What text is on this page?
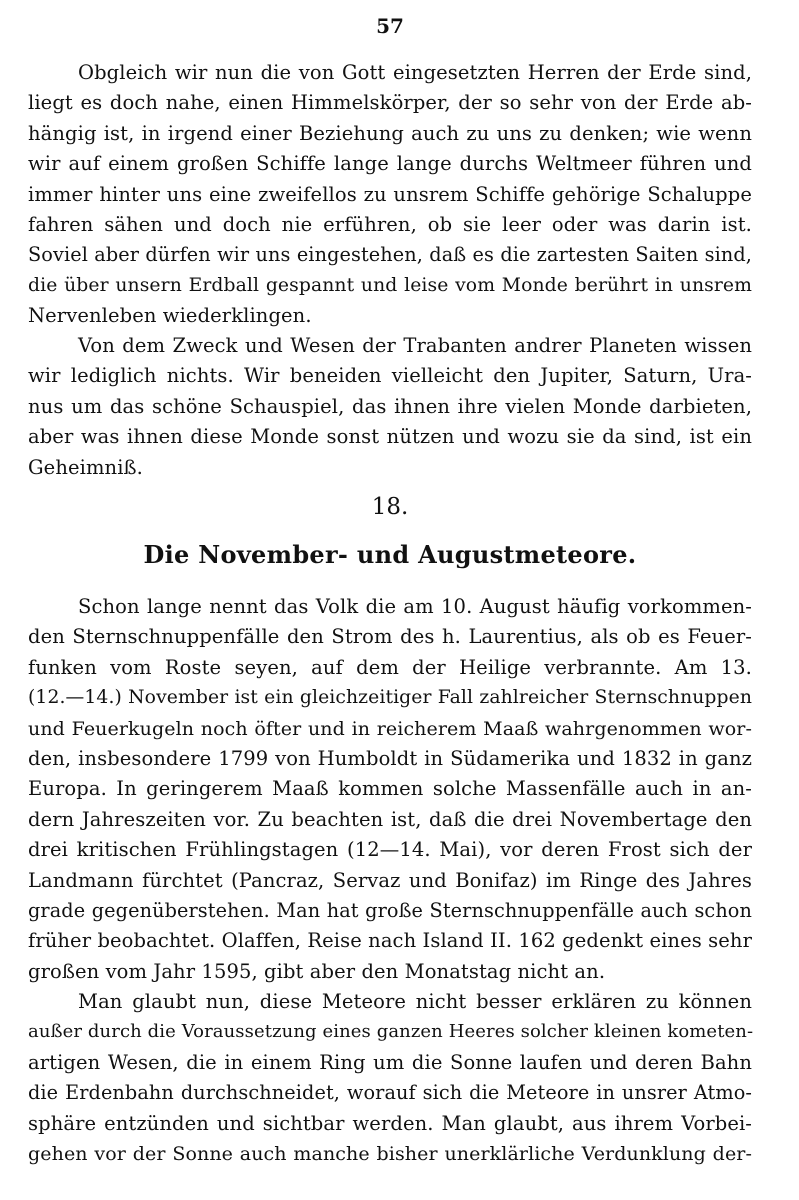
57
Obgleich wir nun die von Gott eingesetzten Herren der Erde sind,
liegt es doch nahe, einen Himmelskörper, der so sehr von der Erde ab-
hängig ist, in irgend einer Beziehung auch zu uns zu denken; wie wenn
wir auf einem großen Schiffe lange lange durchs Weltmeer führen und
immer hinter uns eine zweifellos zu unsrem Schiffe gehörige Schaluppe
fahren sähen und doch nie erführen, ob sie leer oder was darin ist.
Soviel aber dürfen wir uns eingestehen, daß es die zartesten Saiten sind,
die über unsern Erdball gespannt und leise vom Monde berührt in unsrem
Nervenleben wiederklingen.
Von dem Zweck und Wesen der Trabanten andrer Planeten wissen
wir lediglich nichts. Wir beneiden vielleicht den Jupiter, Saturn, Ura-
nus um das schöne Schauspiel, das ihnen ihre vielen Monde darbieten,
aber was ihnen diese Monde sonst nützen und wozu sie da sind, ist ein
Geheimniß.
18.
Die November- und Augustmeteore.
Schon lange nennt das Volk die am 10. August häufig vorkommen-
den Sternschnuppenfälle den Strom des h. Laurentius, als ob es Feuer-
funken vom Roste seyen, auf dem der Heilige verbrannte. Am 13.
(12.—14.) November ist ein gleichzeitiger Fall zahlreicher Sternschnuppen
und Feuerkugeln noch öfter und in reicherem Maaß wahrgenommen wor-
den, insbesondere 1799 von Humboldt in Südamerika und 1832 in ganz
Europa. In geringerem Maaß kommen solche Massenfälle auch in an-
dern Jahreszeiten vor. Zu beachten ist, daß die drei Novembertage den
drei kritischen Frühlingstagen (12—14. Mai), vor deren Frost sich der
Landmann fürchtet (Pancraz, Servaz und Bonifaz) im Ringe des Jahres
grade gegenüberstehen. Man hat große Sternschnuppenfälle auch schon
früher beobachtet. Olaffen, Reise nach Island II. 162 gedenkt eines sehr
großen vom Jahr 1595, gibt aber den Monatstag nicht an.
Man glaubt nun, diese Meteore nicht besser erklären zu können
außer durch die Voraussetzung eines ganzen Heeres solcher kleinen kometen-
artigen Wesen, die in einem Ring um die Sonne laufen und deren Bahn
die Erdenbahn durchschneidet, worauf sich die Meteore in unsrer Atmo-
sphäre entzünden und sichtbar werden. Man glaubt, aus ihrem Vorbei-
gehen vor der Sonne auch manche bisher unerklärliche Verdunklung der-
